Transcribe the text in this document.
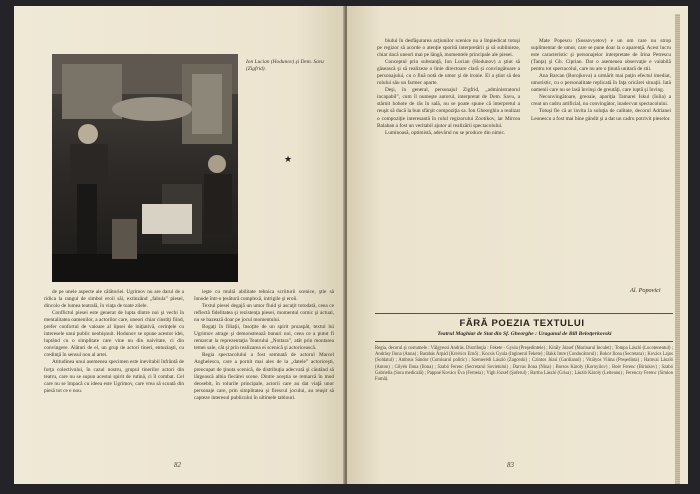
Ion Lucian (Hodunov) şi Dem. Savu (Zigfrid).
★

de pe unele aspecte ale călătoriei. Ugrimov nu are darul de a ridica la rangul de simbol eroii săi, extinzând „fabula” piesei, dincolo de lumea teatrală, în viaţa de toate zilele.

Conflictul piesei este generat de lupta dintre noi şi vechi în mentalitatea oamenilor, a actorilor care, uneori chiar cinstiţi fiind, prefer confortul de valoare al lipsei de iniţiativă, cerinţele cu interesele unui public neobişnuit. Hodunov se opune acestor idei, luptând cu o simplitate care vine nu din naivitate, ci din convingere. Alături de el, un grup de actori tineri, entuziaşti, cu credinţă în sensul nou al artei.

Atitudinea unui asemenea specimen este inevitabil înfrântă de forţa colectivului, în cazul nostru, grupul tinerilor actori din teatru, care nu se supun acestui spirit de rutină, ci îl combat. Cel care nu se împacă cu ideea este Ugrimov, care vrea să scoată din piesă tot ce e nou.

ieşte cu multă abilitate tehnica scriiturii scenice, ştie să înnode într-o ţesătură complexă, intrigile şi eroii.

Textul piesei degajă un umor fluid şi ascuţit totodată, ceea ce reflectă fidelitatea şi rezistenţa piesei, momentul comic şi actual, nu se bazează doar pe jocul momentului.

Bogaţi în filiaţii, însoţite de un spirit proaspăt, textul lui Ugrimov atrage şi demonstrează bunuri noi, ceea ce a putut fi remarcat la reprezentaţia Teatrului „Nottara”, atât prin montarea temei sale, cât şi prin realizarea ei scenică şi actoricească.

Regia spectacolului a fost semnată de actorul Marcel Anghelescu, care a pornit mai ales de la „datele” actoriceşti, preocupat de ţinuta scenică, de distribuţia adecvată şi căutând să lărgească albia fiecărei scene. Dintre aceştia se remarcă în mod deosebit, în rolurile principale, actorii care au dat viaţă unor personaje care, prin simplitatea şi firescul jocului, au reuşit să capteze interesul publicului în ultimele tablouri.

82

biului în desfăşurarea acţiunilor scenice nu a împiedicat totuşi pe regizor să acorde o atenţie sporită interpretării şi să sublinieze, chiar dacă uneori mai pe lângă, momentele principale ale piesei.

Conceptul prin substanţă, Ion Lucian (Hodunov) a ştiut să găsească şi să realizeze o linie directoare clară şi convingătoare a personajului, cu o fină notă de umor şi de ironie. El a ştiut să dea rolului său un farmec aparte.

Deşi, în general, personajul Zigfrid, „administratorul incapabil”, cum îl numeşte autorul, interpretat de Dem. Savu, a stârnit hohote de râs în sală, nu se poate spune că interpretul a reuşit să ducă la bun sfârşit compoziţia sa. Ion Gheorghiu a realizat o compoziţie interesantă în rolul regizorului Zootikov, iar Mircea Balaban a fost un veritabil ajutor al realizării spectacolului.

Luminoasă, optimistă, adevărul nu se produce din nimic.

Mate Popescu (Sossovyetov) e un om care nu strop suplimentar de umor, care se pune doar la o aparenţă. Acest lucru este caracteristic şi personajelor interpretate de Irina Petrescu (Tanţa) şi Gh. Ciprian. Dar o asemenea observaţie e valabilă pentru tot spectacolul, care nu are o ţinută unitară de stil.

Ana Barcan (Borojkova) a urmărit mai puţin efectul imediat, umoristic, cu o personalitate replicată în faţa oricărei situaţii. Iată oamenii care nu se lasă învinşi de greutăţi, care luptă şi înving.

Neconvingătoare, greoaie, apariţia Tamarei Iskul (Iulia) a creat un cadru artificial, nu convingător, inadecvat spectacolului.

Totuşi fie că ar invita la soluţia de calitate, decorul Adrianei Leonescu a fost mai bine gândit şi a dat un cadru potrivit pieselor.

Al. Popovici
FĂRĂ POEZIA TEXTULUI
Teatrul Maghiar de Stat din Sf. Gheorghe : Uraganul de Bill Belotţerkovski
Regia, decorul şi costumele : Vălgyessi András. Distribuţia : Fekete - Gyula (Preşedintele) ; Király József (Marinarul Inculet) ; Tompa László (Locotenentul) ; Andrásy Ilona (Anna) ; Barabás Árpád (Kreivics Ernő) ; Kocsis Gyula (Inginerul Fekete) ; Bakk Imre (Conducătorul) ; Bokor Ilona (Secretara) ; Kovács Lajos (Soldatul) ; Ambrus Sándor (Comisarul politic) ; Szemerédi László (Zagorski) ; Czintos Józsi (Gardianul) ; Vitályos Vilma (Preşedinta) ; Hamvai László (Anton) ; Gilyén Ilona (Ilona) ; Szabó Ferenc (Secretarul Sovietului) ; Darvas Ilona (Nina) ; Borsos Károly (Kornyilov) ; Boér Ferenc (Biriukov) ; Szabó Gabriella (Sora medicală) ; Pappné Kovács Éva (Femeia) ; Vigh József (Şoferul) ; Bartha László (Grisa) ; László Károly (Leiteanu) ; Ferenczy Ferenc (Simion Fomâ).
83
